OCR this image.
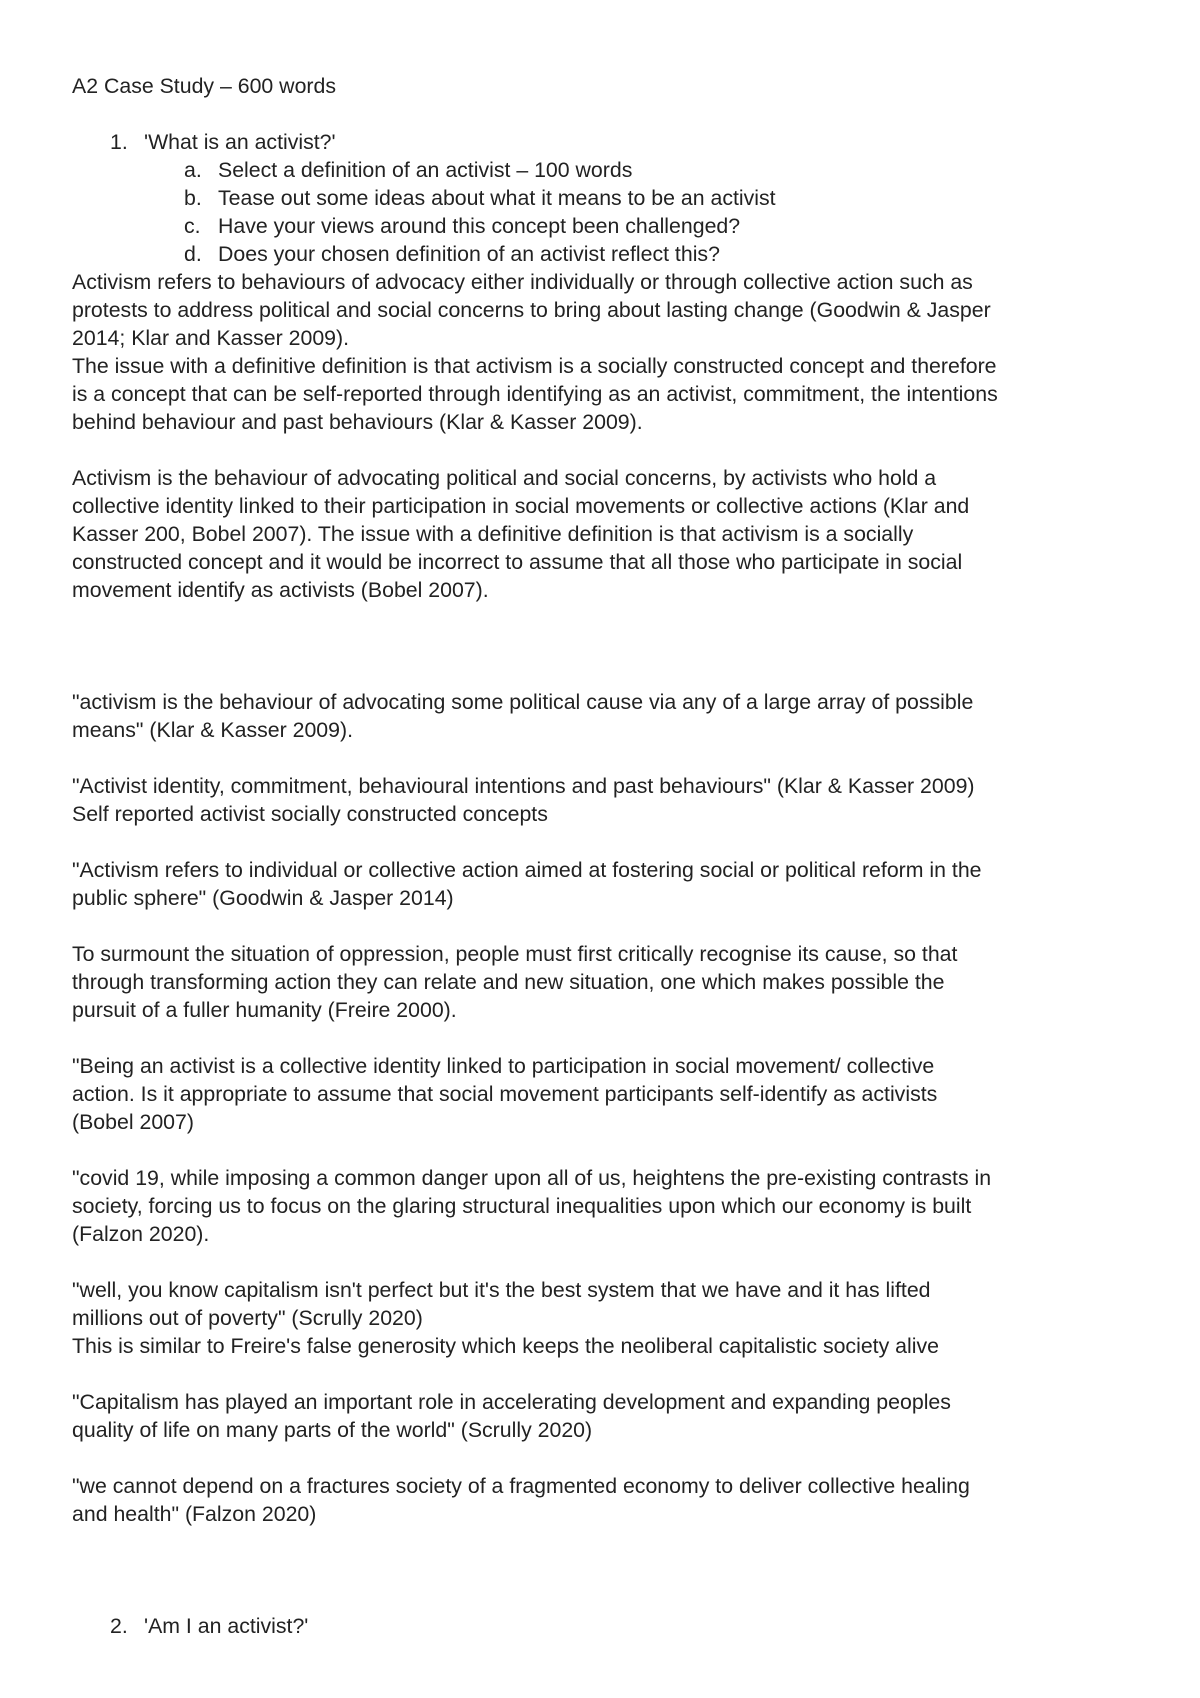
A2 Case Study – 600 words

1. 'What is an activist?'

a. Select a definition of an activist – 100 words

b. Tease out some ideas about what it means to be an activist

c. Have your views around this concept been challenged?

d. Does your chosen definition of an activist reflect this?

Activism refers to behaviours of advocacy either individually or through collective action such as

protests to address political and social concerns to bring about lasting change (Goodwin & Jasper

2014; Klar and Kasser 2009).

The issue with a definitive definition is that activism is a socially constructed concept and therefore

is a concept that can be self-reported through identifying as an activist, commitment, the intentions

behind behaviour and past behaviours (Klar & Kasser 2009).

Activism is the behaviour of advocating political and social concerns, by activists who hold a

collective identity linked to their participation in social movements or collective actions (Klar and

Kasser 200, Bobel 2007). The issue with a definitive definition is that activism is a socially

constructed concept and it would be incorrect to assume that all those who participate in social

movement identify as activists (Bobel 2007).

"activism is the behaviour of advocating some political cause via any of a large array of possible

means" (Klar & Kasser 2009).

"Activist identity, commitment, behavioural intentions and past behaviours" (Klar & Kasser 2009)

Self reported activist socially constructed concepts

"Activism refers to individual or collective action aimed at fostering social or political reform in the

public sphere" (Goodwin & Jasper 2014)

To surmount the situation of oppression, people must first critically recognise its cause, so that

through transforming action they can relate and new situation, one which makes possible the

pursuit of a fuller humanity (Freire 2000).

"Being an activist is a collective identity linked to participation in social movement/ collective

action. Is it appropriate to assume that social movement participants self-identify as activists

(Bobel 2007)

"covid 19, while imposing a common danger upon all of us, heightens the pre-existing contrasts in

society, forcing us to focus on the glaring structural inequalities upon which our economy is built

(Falzon 2020).

"well, you know capitalism isn't perfect but it's the best system that we have and it has lifted

millions out of poverty" (Scrully 2020)

This is similar to Freire's false generosity which keeps the neoliberal capitalistic society alive

"Capitalism has played an important role in accelerating development and expanding peoples

quality of life on many parts of the world" (Scrully 2020)

"we cannot depend on a fractures society of a fragmented economy to deliver collective healing

and health" (Falzon 2020)

2. 'Am I an activist?'
